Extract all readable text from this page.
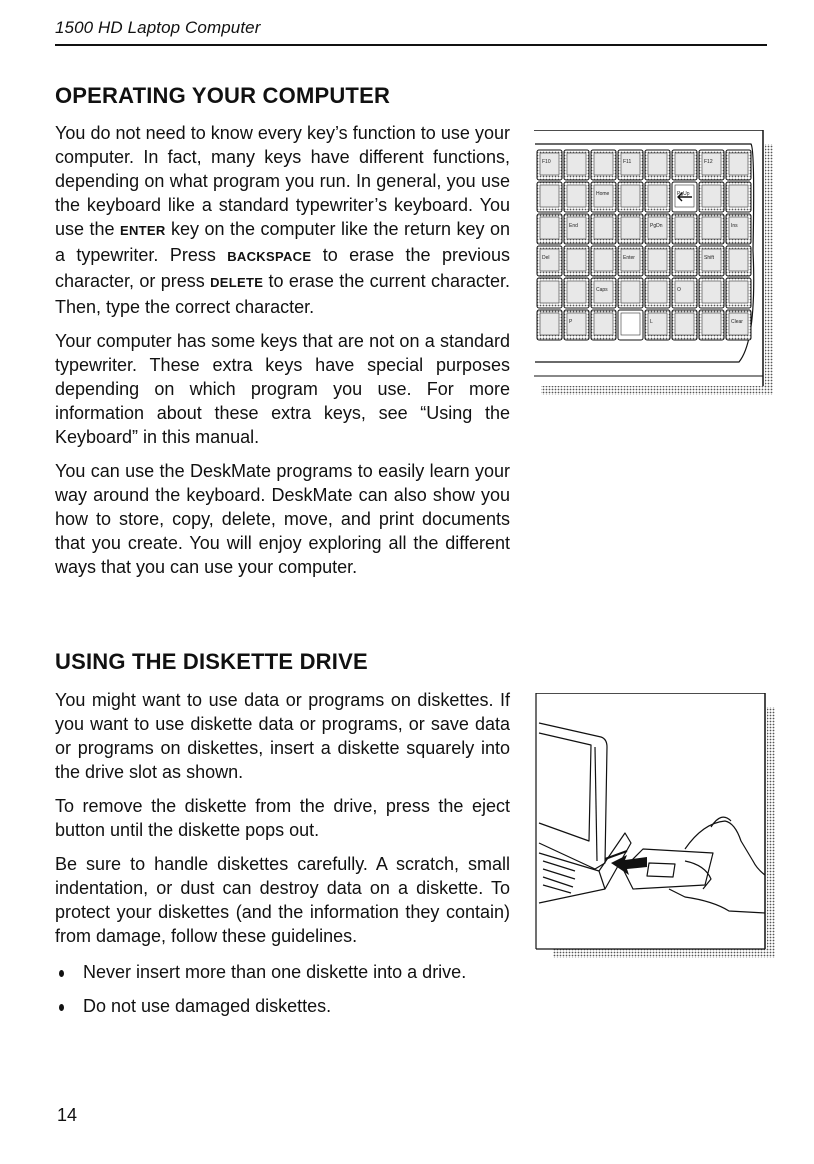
1500 HD Laptop Computer
OPERATING YOUR COMPUTER

You do not need to know every key’s function to use your computer. In fact, many keys have different functions, depending on what program you run. In general, you use the keyboard like a standard typewriter’s keyboard. You use the ENTER key on the computer like the return key on a typewriter. Press BACKSPACE to erase the previous character, or press DELETE to erase the current character. Then, type the correct character.

Your computer has some keys that are not on a standard typewriter. These extra keys have special purposes depending on which program you use. For more information about these extra keys, see “Using the Keyboard” in this manual.

You can use the DeskMate programs to easily learn your way around the keyboard. DeskMate can also show you how to store, copy, delete, move, and print documents that you create. You will enjoy exploring all the different ways that you can use your computer.

F10	F11	F12
Home	PgUp
End	PgDn	Ins
Del	Enter	Shift
Caps	O
P	L	Clear
USING THE DISKETTE DRIVE

You might want to use data or programs on diskettes. If you want to use diskette data or programs, or save data or programs on diskettes, insert a diskette squarely into the drive slot as shown.

To remove the diskette from the drive, press the eject button until the diskette pops out.

Be sure to handle diskettes carefully. A scratch, small indentation, or dust can destroy data on a diskette. To protect your diskettes (and the information they contain) from damage, follow these guidelines.

Never insert more than one diskette into a drive.
Do not use damaged diskettes.
14
